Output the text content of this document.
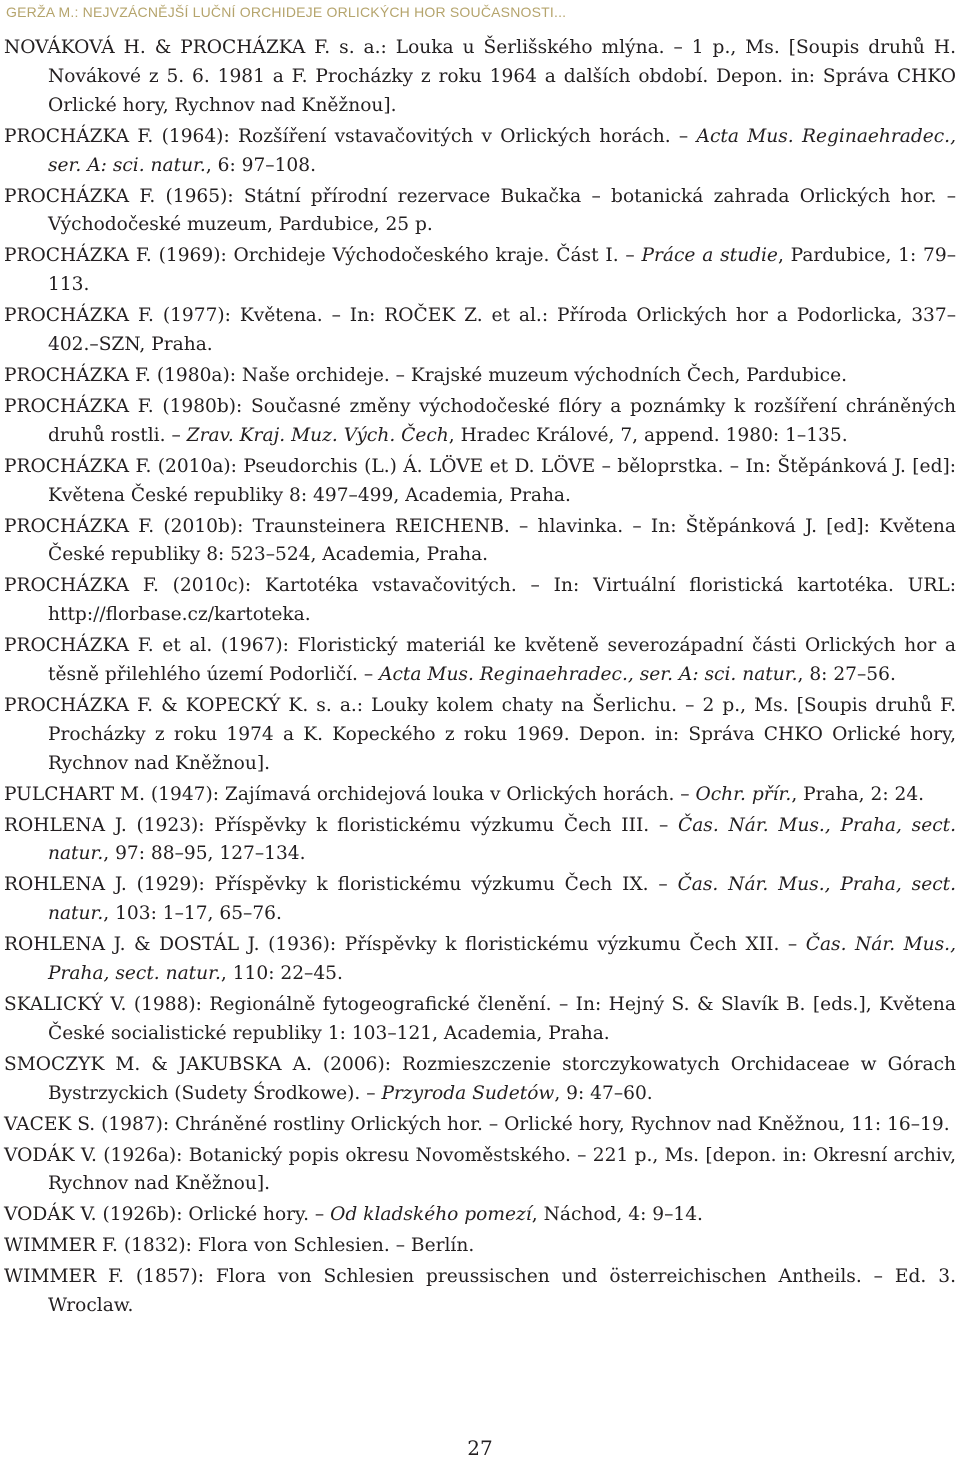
GERŽA M.: NEJVZÁCNĚJŠÍ LUČNÍ ORCHIDEJE ORLICKÝCH HOR SOUČASNOSTI...

NOVÁKOVÁ H. & PROCHÁZKA F. s. a.: Louka u Šerlišského mlýna. – 1 p., Ms. [Soupis druhů H. Novákové z 5. 6. 1981 a F. Procházky z roku 1964 a dalších období. Depon. in: Správa CHKO Orlické hory, Rychnov nad Kněžnou].

PROCHÁZKA F. (1964): Rozšíření vstavačovitých v Orlických horách. – Acta Mus. Reginaehradec., ser. A: sci. natur., 6: 97–108.

PROCHÁZKA F. (1965): Státní přírodní rezervace Bukačka – botanická zahrada Orlických hor. – Východočeské muzeum, Pardubice, 25 p.

PROCHÁZKA F. (1969): Orchideje Východočeského kraje. Část I. – Práce a studie, Pardubice, 1: 79–113.

PROCHÁZKA F. (1977): Květena. – In: ROČEK Z. et al.: Příroda Orlických hor a Podorlicka, 337–402.–SZN, Praha.

PROCHÁZKA F. (1980a): Naše orchideje. – Krajské muzeum východních Čech, Pardubice.

PROCHÁZKA F. (1980b): Současné změny východočeské flóry a poznámky k rozšíření chráněných druhů rostli. – Zrav. Kraj. Muz. Vých. Čech, Hradec Králové, 7, append. 1980: 1–135.

PROCHÁZKA F. (2010a): Pseudorchis (L.) Á. LÖVE et D. LÖVE – běloprstka. – In: Štěpánková J. [ed]: Květena České republiky 8: 497–499, Academia, Praha.

PROCHÁZKA F. (2010b): Traunsteinera REICHENB. – hlavinka. – In: Štěpánková J. [ed]: Květena České republiky 8: 523–524, Academia, Praha.

PROCHÁZKA F. (2010c): Kartotéka vstavačovitých. – In: Virtuální floristická kartotéka. URL: http://florbase.cz/kartoteka.

PROCHÁZKA F. et al. (1967): Floristický materiál ke květeně severozápadní části Orlických hor a těsně přilehlého území Podorličí. – Acta Mus. Reginaehradec., ser. A: sci. natur., 8: 27–56.

PROCHÁZKA F. & KOPECKÝ K. s. a.: Louky kolem chaty na Šerlichu. – 2 p., Ms. [Soupis druhů F. Procházky z roku 1974 a K. Kopeckého z roku 1969. Depon. in: Správa CHKO Orlické hory, Rychnov nad Kněžnou].

PULCHART M. (1947): Zajímavá orchidejová louka v Orlických horách. – Ochr. přír., Praha, 2: 24.

ROHLENA J. (1923): Příspěvky k floristickému výzkumu Čech III. – Čas. Nár. Mus., Praha, sect. natur., 97: 88–95, 127–134.

ROHLENA J. (1929): Příspěvky k floristickému výzkumu Čech IX. – Čas. Nár. Mus., Praha, sect. natur., 103: 1–17, 65–76.

ROHLENA J. & DOSTÁL J. (1936): Příspěvky k floristickému výzkumu Čech XII. – Čas. Nár. Mus., Praha, sect. natur., 110: 22–45.

SKALICKÝ V. (1988): Regionálně fytogeografické členění. – In: Hejný S. & Slavík B. [eds.], Květena České socialistické republiky 1: 103–121, Academia, Praha.

SMOCZYK M. & JAKUBSKA A. (2006): Rozmieszczenie storczykowatych Orchidaceae w Górach Bystrzyckich (Sudety Środkowe). – Przyroda Sudetów, 9: 47–60.

VACEK S. (1987): Chráněné rostliny Orlických hor. – Orlické hory, Rychnov nad Kněžnou, 11: 16–19.

VODÁK V. (1926a): Botanický popis okresu Novoměstského. – 221 p., Ms. [depon. in: Okresní archiv, Rychnov nad Kněžnou].

VODÁK V. (1926b): Orlické hory. – Od kladského pomezí, Náchod, 4: 9–14.

WIMMER F. (1832): Flora von Schlesien. – Berlín.

WIMMER F. (1857): Flora von Schlesien preussischen und österreichischen Antheils. – Ed. 3. Wroclaw.

27
